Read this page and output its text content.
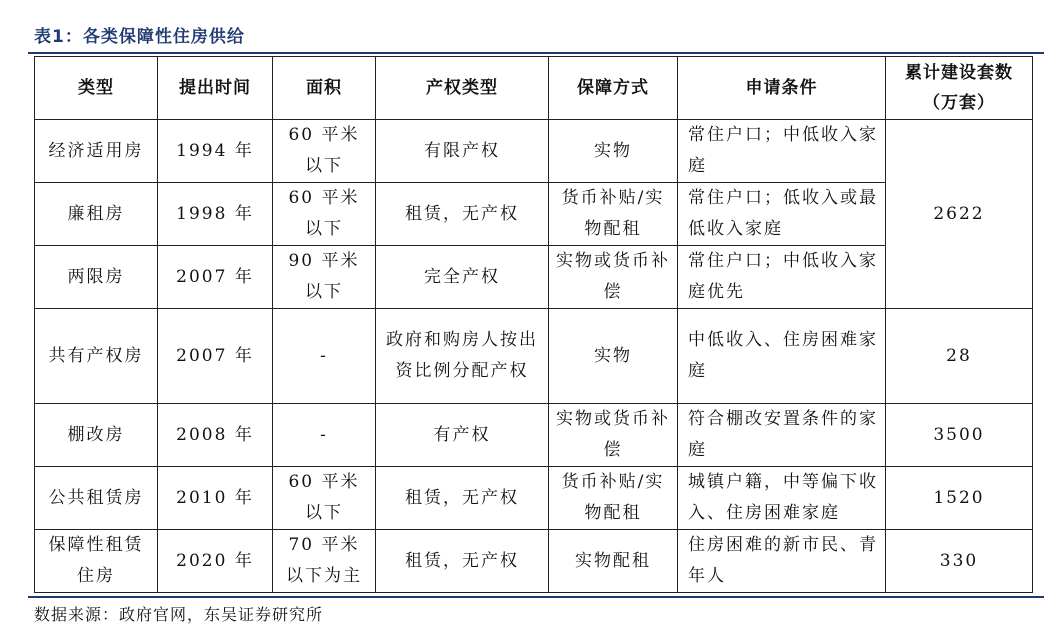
表1：各类保障性住房供给
类型	提出时间	面积	产权类型	保障方式	申请条件	累计建设套数（万套）
经济适用房	1994 年	60 平米以下	有限产权	实物	常住户口；中低收入家庭	2622
廉租房	1998 年	60 平米以下	租赁，无产权	货币补贴/实物配租	常住户口；低收入或最低收入家庭	
两限房	2007 年	90 平米以下	完全产权	实物或货币补偿	常住户口；中低收入家庭优先	
共有产权房	2007 年	-	政府和购房人按出资比例分配产权	实物	中低收入、住房困难家庭	28
棚改房	2008 年	-	有产权	实物或货币补偿	符合棚改安置条件的家庭	3500
公共租赁房	2010 年	60 平米以下	租赁，无产权	货币补贴/实物配租	城镇户籍，中等偏下收入、住房困难家庭	1520
保障性租赁住房	2020 年	70 平米以下为主	租赁，无产权	实物配租	住房困难的新市民、青年人	330
数据来源：政府官网，东吴证券研究所
